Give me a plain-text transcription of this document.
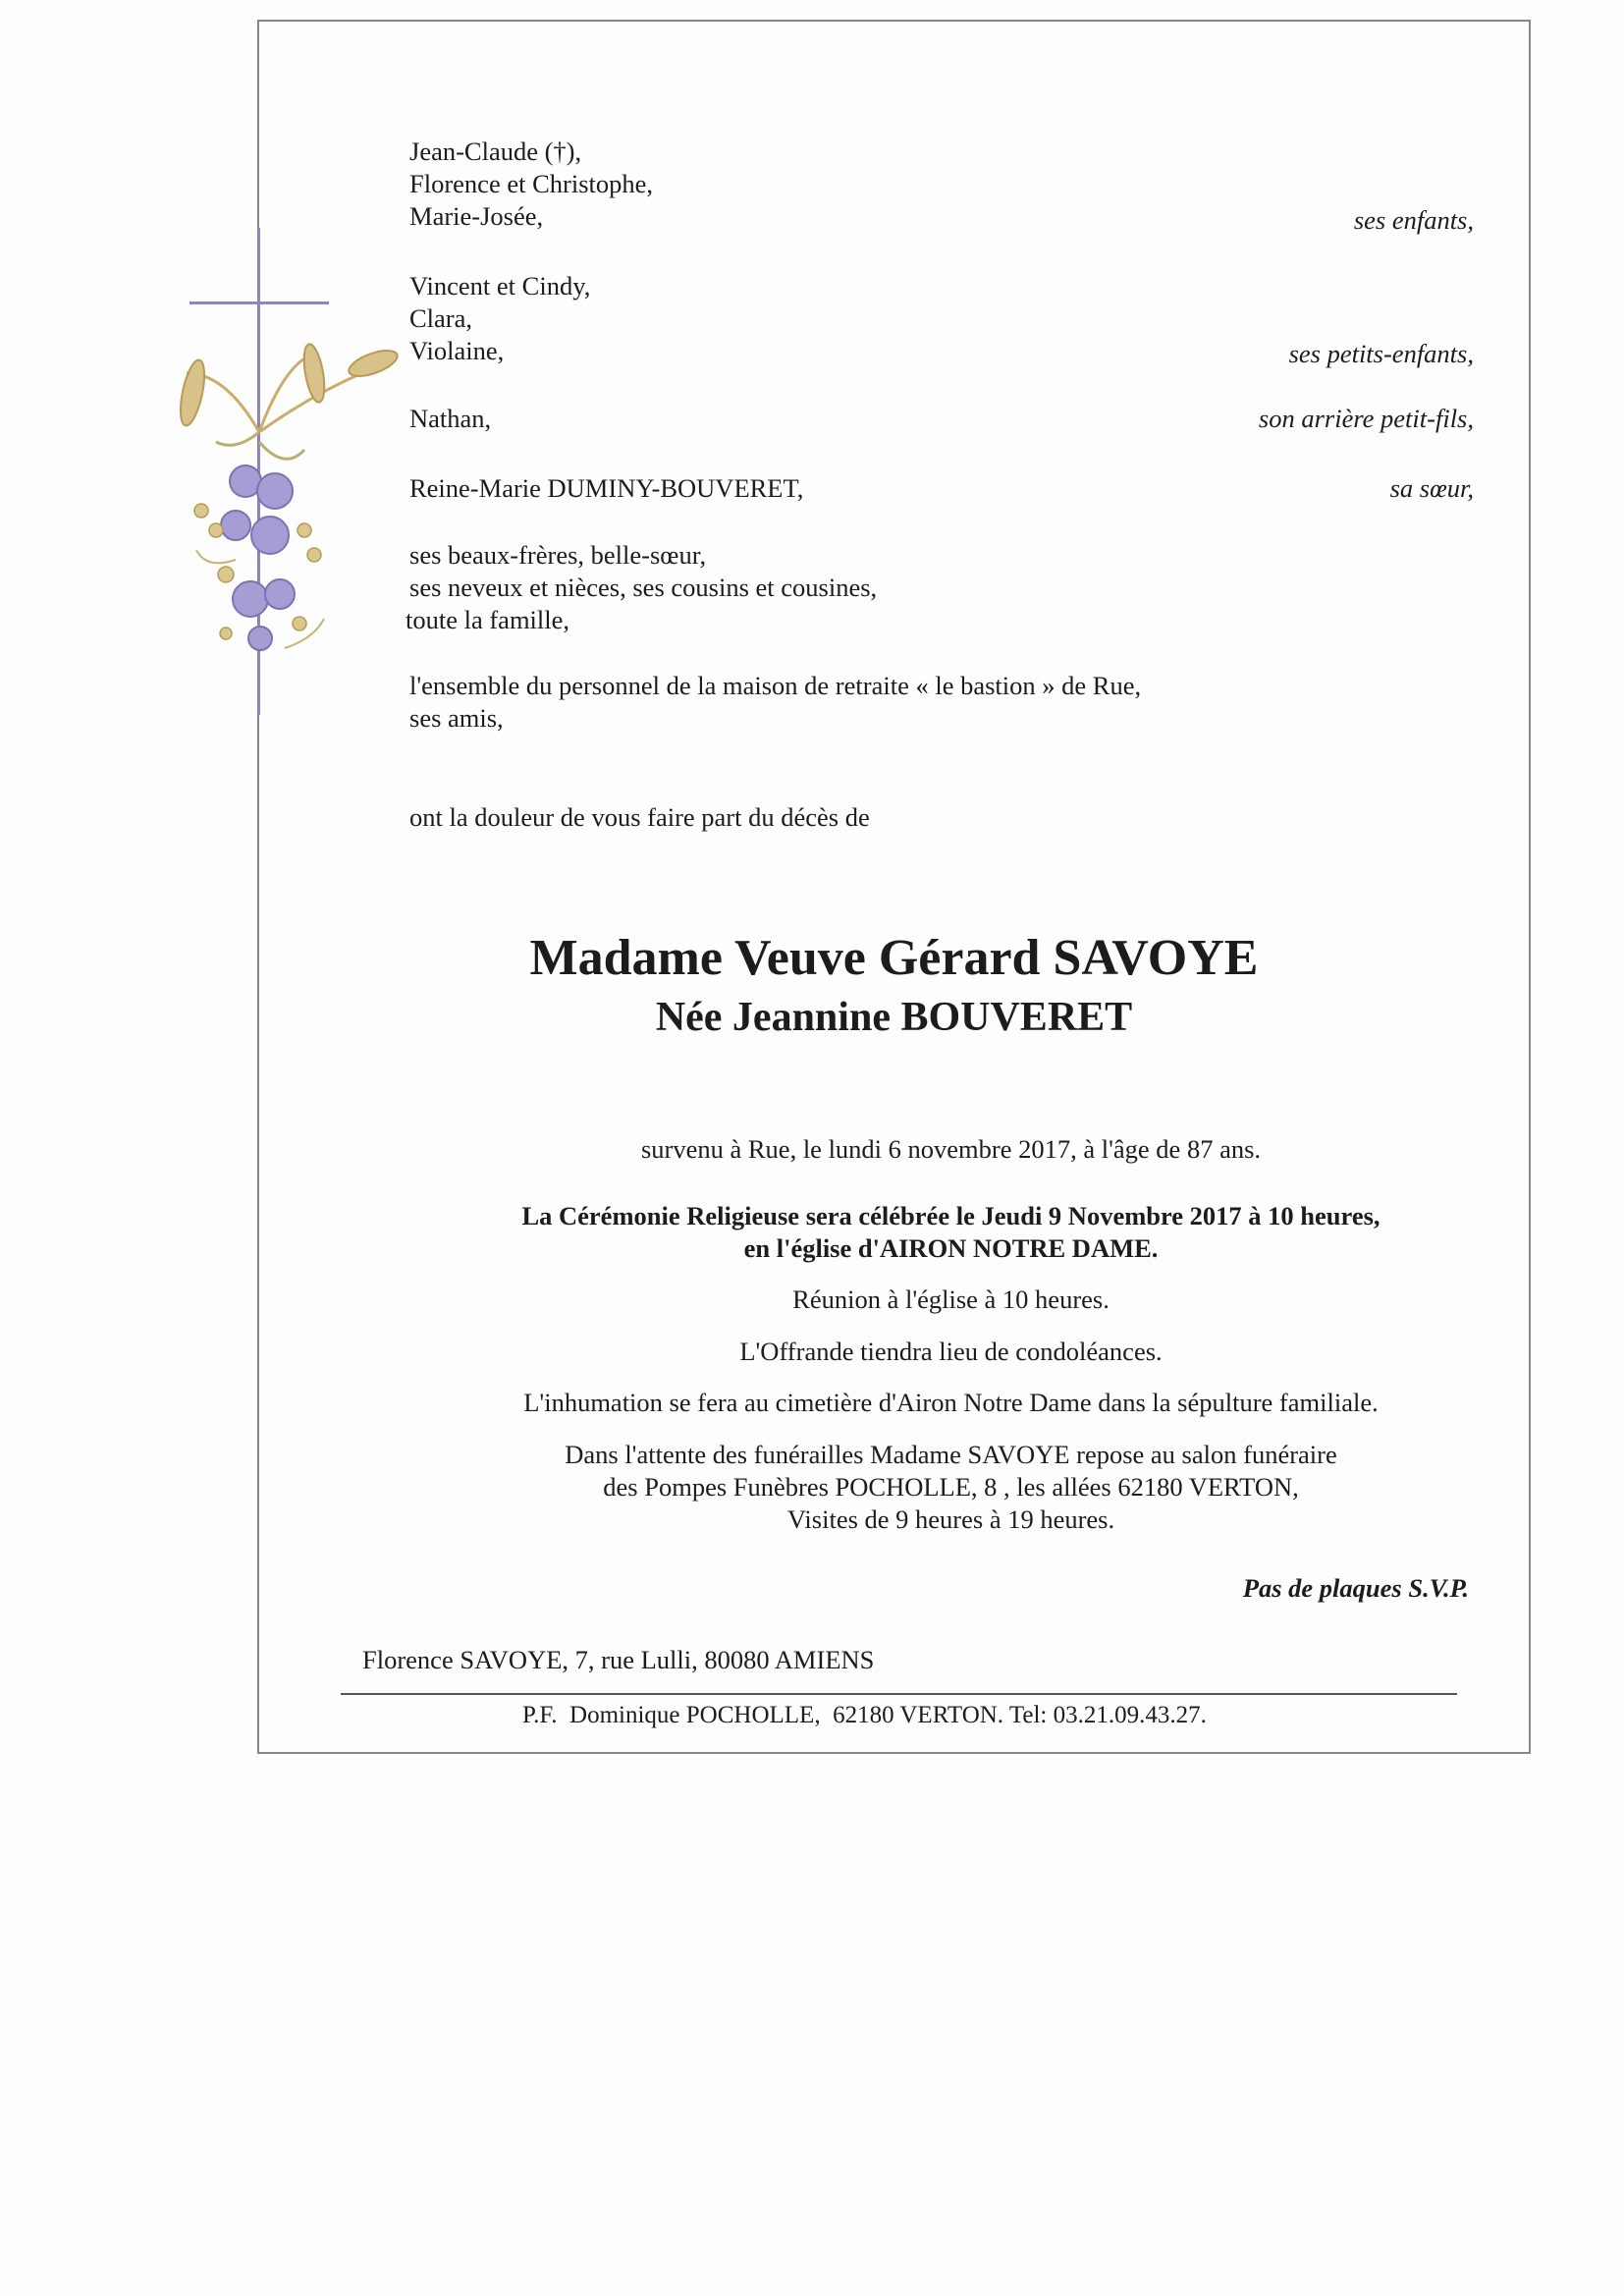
Jean-Claude (†),
Florence et Christophe,
Marie-Josée,	ses enfants,
Vincent et Cindy,
Clara,
Violaine,	ses petits-enfants,
Nathan,	son arrière petit-fils,
Reine-Marie DUMINY-BOUVERET,	sa sœur,
ses beaux-frères, belle-sœur,
ses neveux et nièces, ses cousins et cousines,
toute la famille,
l'ensemble du personnel de la maison de retraite « le bastion » de Rue,
ses amis,
ont la douleur de vous faire part du décès de
Madame Veuve Gérard SAVOYE
Née Jeannine BOUVERET
survenu à Rue, le lundi 6 novembre 2017, à l'âge de 87 ans.
La Cérémonie Religieuse sera célébrée le Jeudi 9 Novembre 2017 à 10 heures,
en l'église d'AIRON NOTRE DAME.
Réunion à l'église à 10 heures.
L'Offrande tiendra lieu de condoléances.
L'inhumation se fera au cimetière d'Airon Notre Dame dans la sépulture familiale.
Dans l'attente des funérailles Madame SAVOYE repose au salon funéraire
des Pompes Funèbres POCHOLLE, 8 , les allées 62180 VERTON,
Visites de 9 heures à 19 heures.
Pas de plaques S.V.P.
Florence SAVOYE, 7, rue Lulli, 80080 AMIENS
P.F.  Dominique POCHOLLE,  62180 VERTON. Tel: 03.21.09.43.27.
